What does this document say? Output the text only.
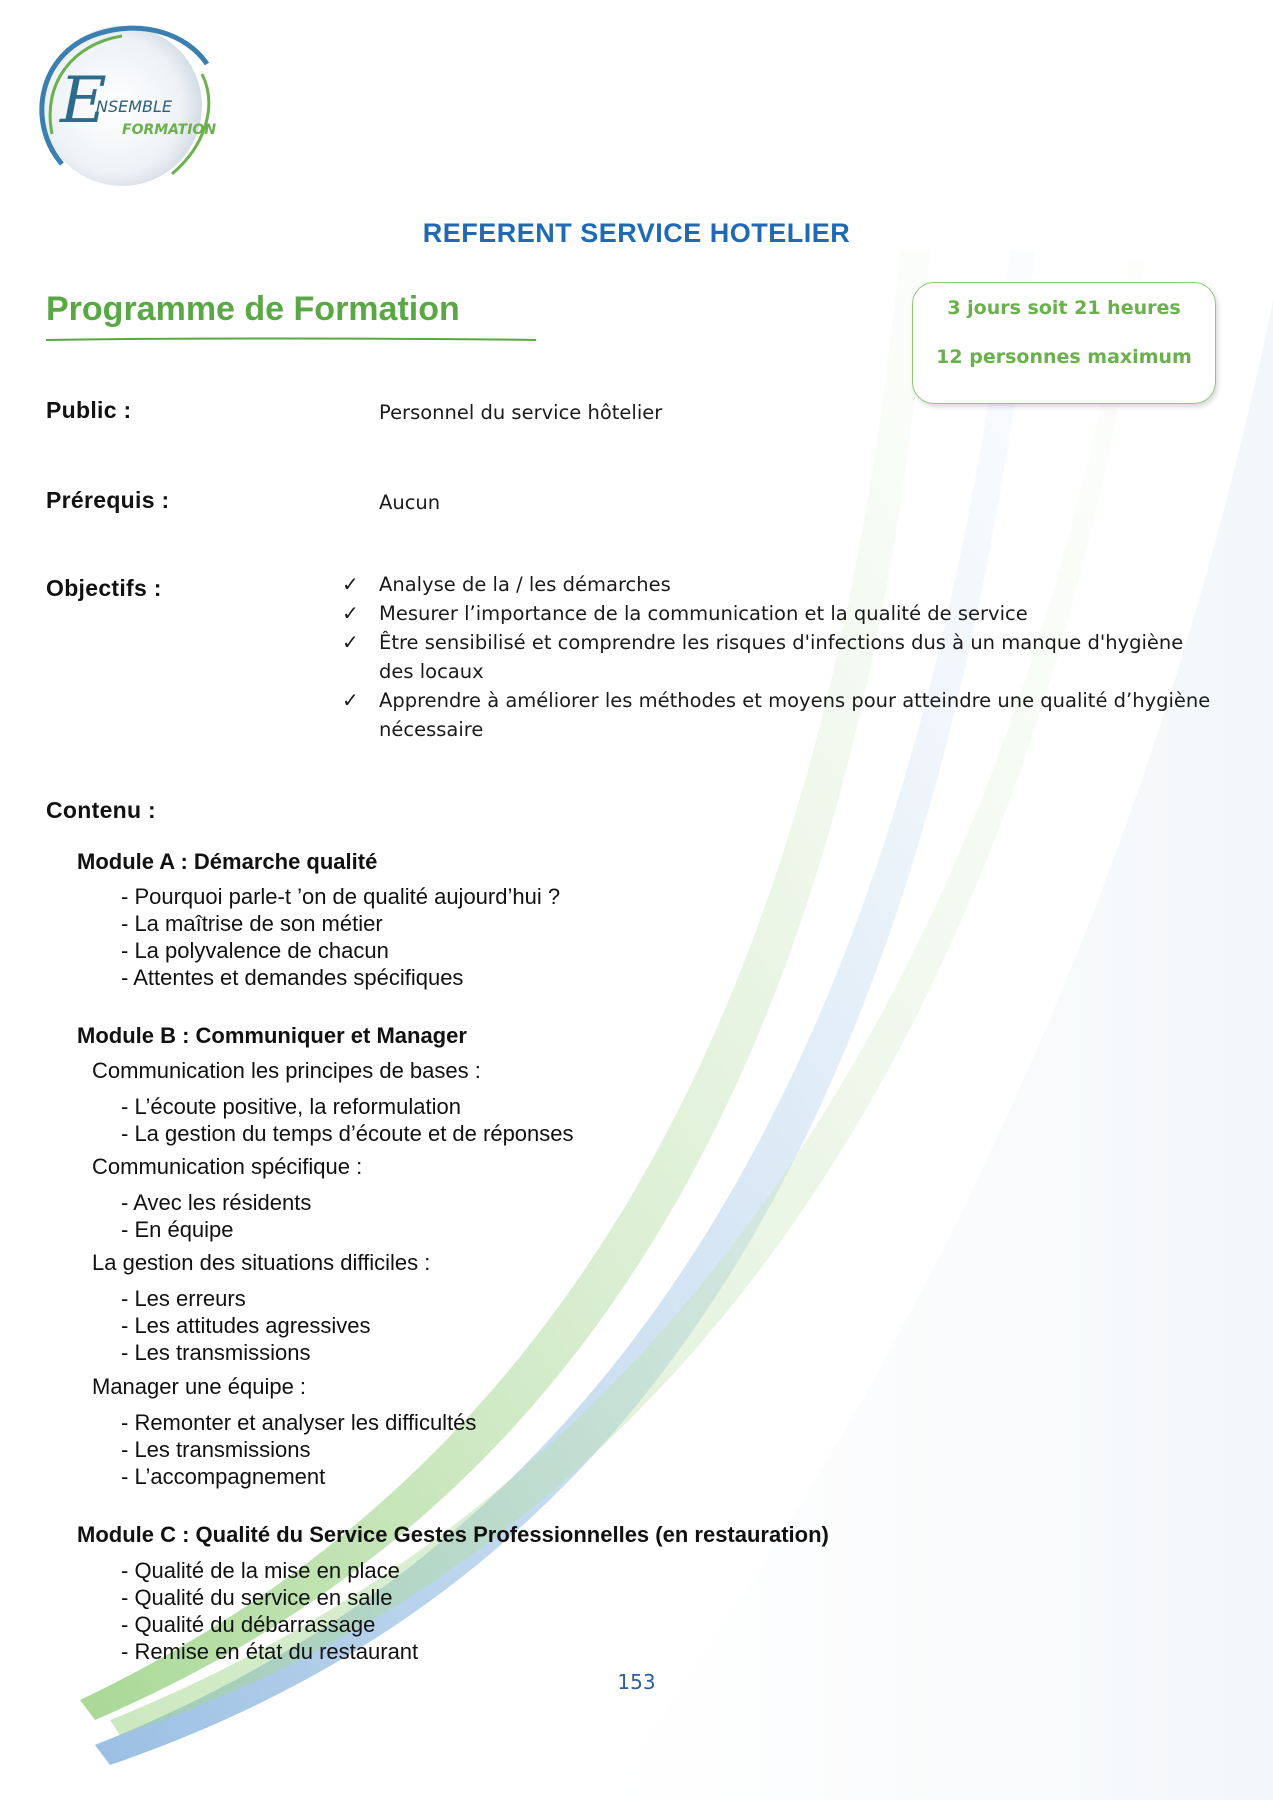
E
NSEMBLE
FORMATION
REFERENT SERVICE HOTELIER
Programme de Formation	3 jours soit 21 heures
12 personnes maximum
Public :	Personnel du service hôtelier
Prérequis :	Aucun
Objectifs :	✓ Analyse de la / les démarches
✓ Mesurer l’importance de la communication et la qualité de service
✓ Être sensibilisé et comprendre les risques d'infections dus à un manque d'hygiène des locaux
✓ Apprendre à améliorer les méthodes et moyens pour atteindre une qualité d’hygiène nécessaire
Contenu :
Module A : Démarche qualité
- Pourquoi parle-t ’on de qualité aujourd’hui ?
- La maîtrise de son métier
- La polyvalence de chacun
- Attentes et demandes spécifiques
Module B : Communiquer et Manager
Communication les principes de bases :
- L’écoute positive, la reformulation
- La gestion du temps d’écoute et de réponses
Communication spécifique :
- Avec les résidents
- En équipe
La gestion des situations difficiles :
- Les erreurs
- Les attitudes agressives
- Les transmissions
Manager une équipe :
- Remonter et analyser les difficultés
- Les transmissions
- L’accompagnement
Module C : Qualité du Service Gestes Professionnelles (en restauration)
- Qualité de la mise en place
- Qualité du service en salle
- Qualité du débarrassage
- Remise en état du restaurant
153
